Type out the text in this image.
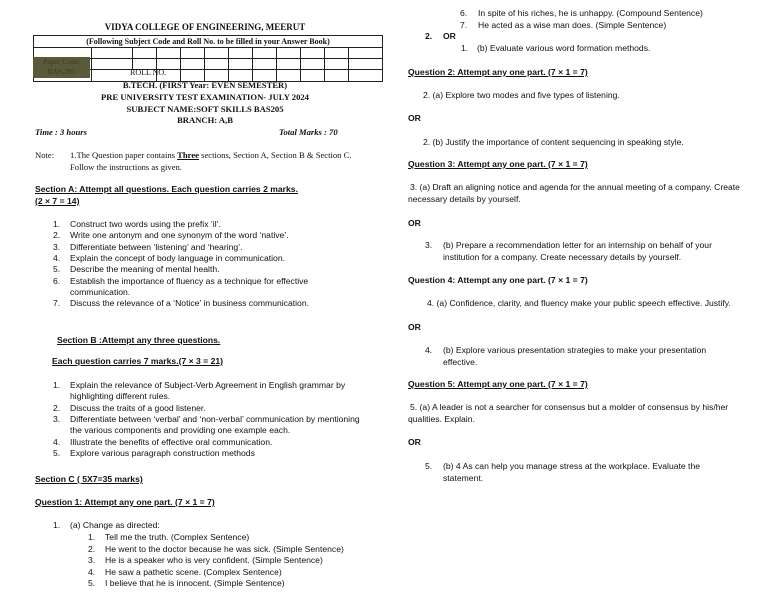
VIDYA COLLEGE OF ENGINEERING, MEERUT
(Following Subject Code and Roll No. to be filled in your Answer Book)											

Paper Code:
BAS-205	ROLL NO.
B.TECH. (FIRST Year: EVEN SEMESTER)
PRE UNIVERSITY TEST EXAMINATION- JULY 2024
SUBJECT NAME:SOFT SKILLS BAS205
BRANCH: A,B
Time : 3 hours	Total Marks : 70
Note: 1.The Question paper contains Three sections, Section A, Section B & Section C.
Follow the instructions as given.
Section A: Attempt all questions. Each question carries 2 marks.
(2 × 7 = 14)
1. Construct two words using the prefix ‘il’.
2. Write one antonym and one synonym of the word ‘native’.
3. Differentiate between ‘listening’ and ‘hearing’.
4. Explain the concept of body language in communication.
5. Describe the meaning of mental health.
6. Establish the importance of fluency as a technique for effective
communication.
7. Discuss the relevance of a ‘Notice’ in business communication.
Section B :Attempt any three questions.
Each question carries 7 marks.(7 × 3 = 21)
1. Explain the relevance of Subject-Verb Agreement in English grammar by
highlighting different rules.
2. Discuss the traits of a good listener.
3. Differentiate between ‘verbal’ and ‘non-verbal’ communication by mentioning
the various components and providing one example each.
4. Illustrate the benefits of effective oral communication.
5. Explore various paragraph construction methods
Section C ( 5X7=35 marks)
Question 1: Attempt any one part. (7 × 1 = 7)
1. (a) Change as directed:
1. Tell me the truth. (Complex Sentence)
2. He went to the doctor because he was sick. (Simple Sentence)
3. He is a speaker who is very confident. (Simple Sentence)
4. He saw a pathetic scene. (Complex Sentence)
5. I believe that he is innocent. (Simple Sentence)
6. In spite of his riches, he is unhappy. (Compound Sentence)
7. He acted as a wise man does. (Simple Sentence)
2. OR
1. (b) Evaluate various word formation methods.
Question 2: Attempt any one part. (7 × 1 = 7)
2. (a) Explore two modes and five types of listening.
OR
2. (b) Justify the importance of content sequencing in speaking style.
Question 3: Attempt any one part. (7 × 1 = 7)
3. (a) Draft an aligning notice and agenda for the annual meeting of a company. Create
necessary details by yourself.
OR
3. (b) Prepare a recommendation letter for an internship on behalf of your
institution for a company. Create necessary details by yourself.
Question 4: Attempt any one part. (7 × 1 = 7)
4. (a) Confidence, clarity, and fluency make your public speech effective. Justify.
OR
4. (b) Explore various presentation strategies to make your presentation
effective.
Question 5: Attempt any one part. (7 × 1 = 7)
5. (a) A leader is not a searcher for consensus but a molder of consensus by his/her
qualities. Explain.
OR
5. (b) 4 As can help you manage stress at the workplace. Evaluate the
statement.
